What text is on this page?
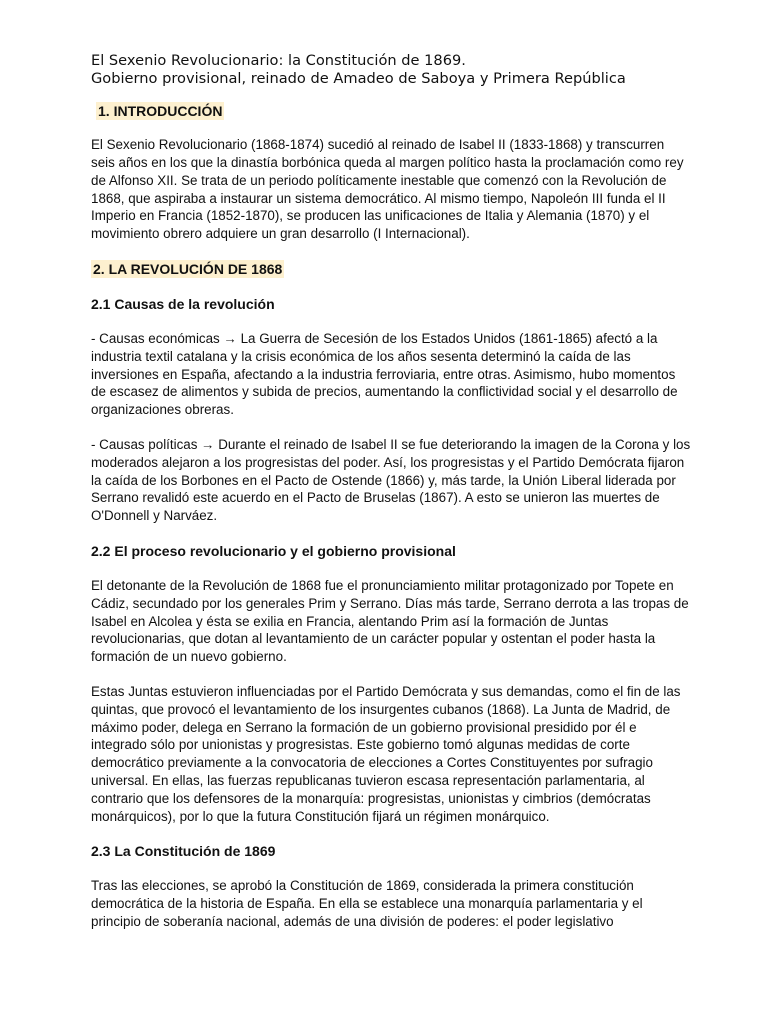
El Sexenio Revolucionario: la Constitución de 1869.
Gobierno provisional, reinado de Amadeo de Saboya y Primera República
1. INTRODUCCIÓN

El Sexenio Revolucionario (1868-1874) sucedió al reinado de Isabel II (1833-1868) y transcurren seis años en los que la dinastía borbónica queda al margen político hasta la proclamación como rey de Alfonso XII. Se trata de un periodo políticamente inestable que comenzó con la Revolución de 1868, que aspiraba a instaurar un sistema democrático. Al mismo tiempo, Napoleón III funda el II Imperio en Francia (1852-1870), se producen las unificaciones de Italia y Alemania (1870) y el movimiento obrero adquiere un gran desarrollo (I Internacional).

2. LA REVOLUCIÓN DE 1868
2.1 Causas de la revolución

- Causas económicas → La Guerra de Secesión de los Estados Unidos (1861-1865) afectó a la industria textil catalana y la crisis económica de los años sesenta determinó la caída de las inversiones en España, afectando a la industria ferroviaria, entre otras. Asimismo, hubo momentos de escasez de alimentos y subida de precios, aumentando la conflictividad social y el desarrollo de organizaciones obreras.

- Causas políticas → Durante el reinado de Isabel II se fue deteriorando la imagen de la Corona y los moderados alejaron a los progresistas del poder. Así, los progresistas y el Partido Demócrata fijaron la caída de los Borbones en el Pacto de Ostende (1866) y, más tarde, la Unión Liberal liderada por Serrano revalidó este acuerdo en el Pacto de Bruselas (1867). A esto se unieron las muertes de O'Donnell y Narváez.

2.2 El proceso revolucionario y el gobierno provisional

El detonante de la Revolución de 1868 fue el pronunciamiento militar protagonizado por Topete en Cádiz, secundado por los generales Prim y Serrano. Días más tarde, Serrano derrota a las tropas de Isabel en Alcolea y ésta se exilia en Francia, alentando Prim así la formación de Juntas revolucionarias, que dotan al levantamiento de un carácter popular y ostentan el poder hasta la formación de un nuevo gobierno.

Estas Juntas estuvieron influenciadas por el Partido Demócrata y sus demandas, como el fin de las quintas, que provocó el levantamiento de los insurgentes cubanos (1868). La Junta de Madrid, de máximo poder, delega en Serrano la formación de un gobierno provisional presidido por él e integrado sólo por unionistas y progresistas. Este gobierno tomó algunas medidas de corte democrático previamente a la convocatoria de elecciones a Cortes Constituyentes por sufragio universal. En ellas, las fuerzas republicanas tuvieron escasa representación parlamentaria, al contrario que los defensores de la monarquía: progresistas, unionistas y cimbrios (demócratas monárquicos), por lo que la futura Constitución fijará un régimen monárquico.

2.3 La Constitución de 1869

Tras las elecciones, se aprobó la Constitución de 1869, considerada la primera constitución democrática de la historia de España. En ella se establece una monarquía parlamentaria y el principio de soberanía nacional, además de una división de poderes: el poder legislativo
